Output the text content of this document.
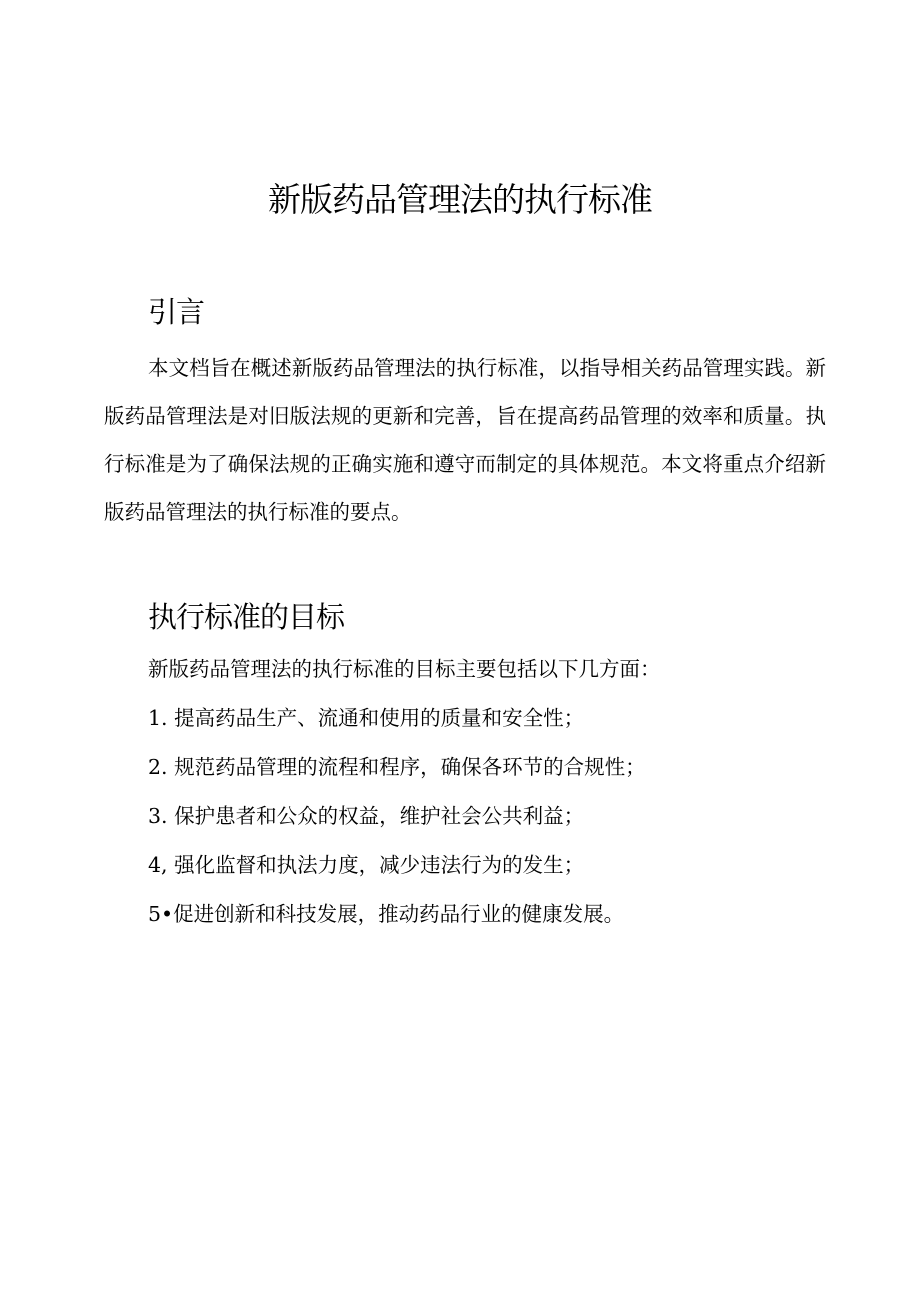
新版药品管理法的执行标准
引言

本文档旨在概述新版药品管理法的执行标准，以指导相关药品管理实践。新版药品管理法是对旧版法规的更新和完善，旨在提高药品管理的效率和质量。执行标准是为了确保法规的正确实施和遵守而制定的具体规范。本文将重点介绍新版药品管理法的执行标准的要点。

执行标准的目标

新版药品管理法的执行标准的目标主要包括以下几方面：

1. 提高药品生产、流通和使用的质量和安全性；

2. 规范药品管理的流程和程序，确保各环节的合规性；

3. 保护患者和公众的权益，维护社会公共利益；

4, 强化监督和执法力度，减少违法行为的发生；

5•促进创新和科技发展，推动药品行业的健康发展。
